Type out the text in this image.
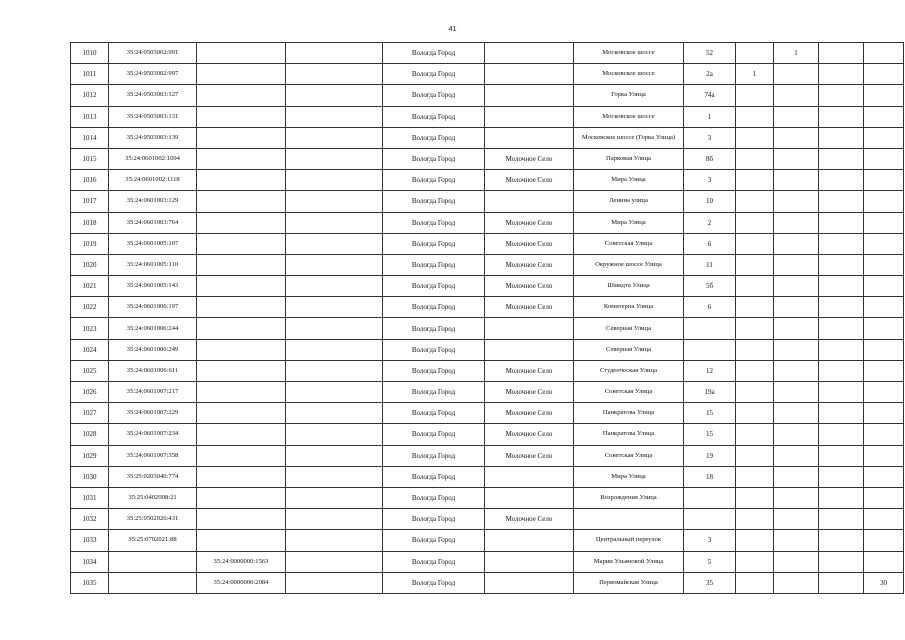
41
1010	35:24:0503002:991			Вологда Город		Московское шоссе	52		1		
1011	35:24:0503002:997			Вологда Город		Московское шоссе	2а	1			
1012	35:24:0503003:127			Вологда Город		Горка Улица	74а				
1013	35:24:0503003:131			Вологда Город		Московское шоссе	1				
1014	35:24:0503003:139			Вологда Город		Московское шоссе (Горка Улица)	3				
1015	35:24:0601002:1094			Вологда Город	Молочное Село	Парковая Улица	8б				
1016	35:24:0601002:1118			Вологда Город	Молочное Село	Мира Улица	3				
1017	35:24:0601003:129			Вологда Город		Ленина улица	10				
1018	35:24:0601003:764			Вологда Город	Молочное Село	Мира Улица	2				
1019	35:24:0601005:107			Вологда Город	Молочное Село	Советская Улица	6				
1020	35:24:0601005:110			Вологда Город	Молочное Село	Окружное шоссе Улица	11				
1021	35:24:0601005:143			Вологда Город	Молочное Село	Шмидта Улица	5б				
1022	35:24:0601006:197			Вологда Город	Молочное Село	Комитерна Улица	6				
1023	35:24:0601006:244			Вологда Город		Северная Улица					
1024	35:24:0601006:249			Вологда Город		Северная Улица					
1025	35:24:0601006:611			Вологда Город	Молочное Село	Студенческая Улица	12				
1026	35:24:0601007:217			Вологда Город	Молочное Село	Советская Улица	19а				
1027	35:24:0601007:229			Вологда Город	Молочное Село	Панкратова Улица	15				
1028	35:24:0601007:234			Вологда Город	Молочное Село	Панкратова Улица	15				
1029	35:24:0601007:358			Вологда Город	Молочное Село	Советская Улица	19				
1030	35:25:0203040:774			Вологда Город		Мира Улица	18				
1031	35:25:0402008:21			Вологда Город		Возрождения Улица					
1032	35:25:0502026:431			Вологда Город	Молочное Село						
1033	35:25:0702021:88			Вологда Город		Центральный переулок	3				
1034		35:24:0000000:1563		Вологда Город		Марии Ульяновой Улица	5				
1035		35:24:0000000:2084		Вологда Город		Первомайская Улица	35				30
